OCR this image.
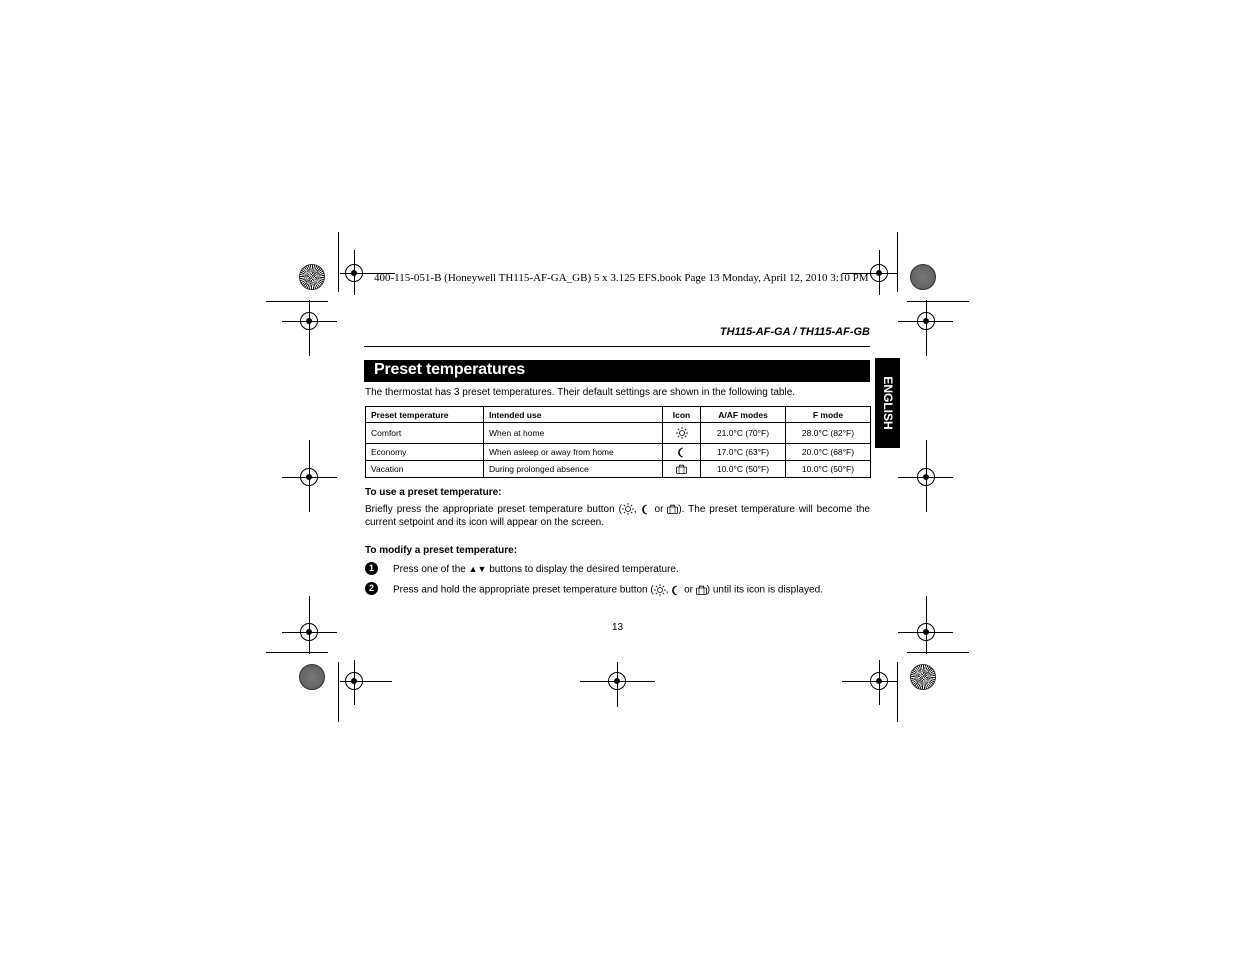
400-115-051-B (Honeywell TH115-AF-GA_GB) 5 x 3.125 EFS.book Page 13 Monday, April 12, 2010 3:10 PM
TH115-AF-GA / TH115-AF-GB
Preset temperatures
ENGLISH
The thermostat has 3 preset temperatures. Their default settings are shown in the following table.
Preset temperature	Intended use	Icon	A/AF modes	F mode
Comfort	When at home		21.0°C (70°F)	28.0°C (82°F)
Economy	When asleep or away from home		17.0°C (63°F)	20.0°C (68°F)
Vacation	During prolonged absence		10.0°C (50°F)	10.0°C (50°F)
To use a preset temperature:
Briefly press the appropriate preset temperature button ( , or ). The preset temperature will become the current setpoint and its icon will appear on the screen.
To modify a preset temperature:
1	Press one of the ▲▼ buttons to display the desired temperature.
2	Press and hold the appropriate preset temperature button ( , or ) until its icon is displayed.
13
